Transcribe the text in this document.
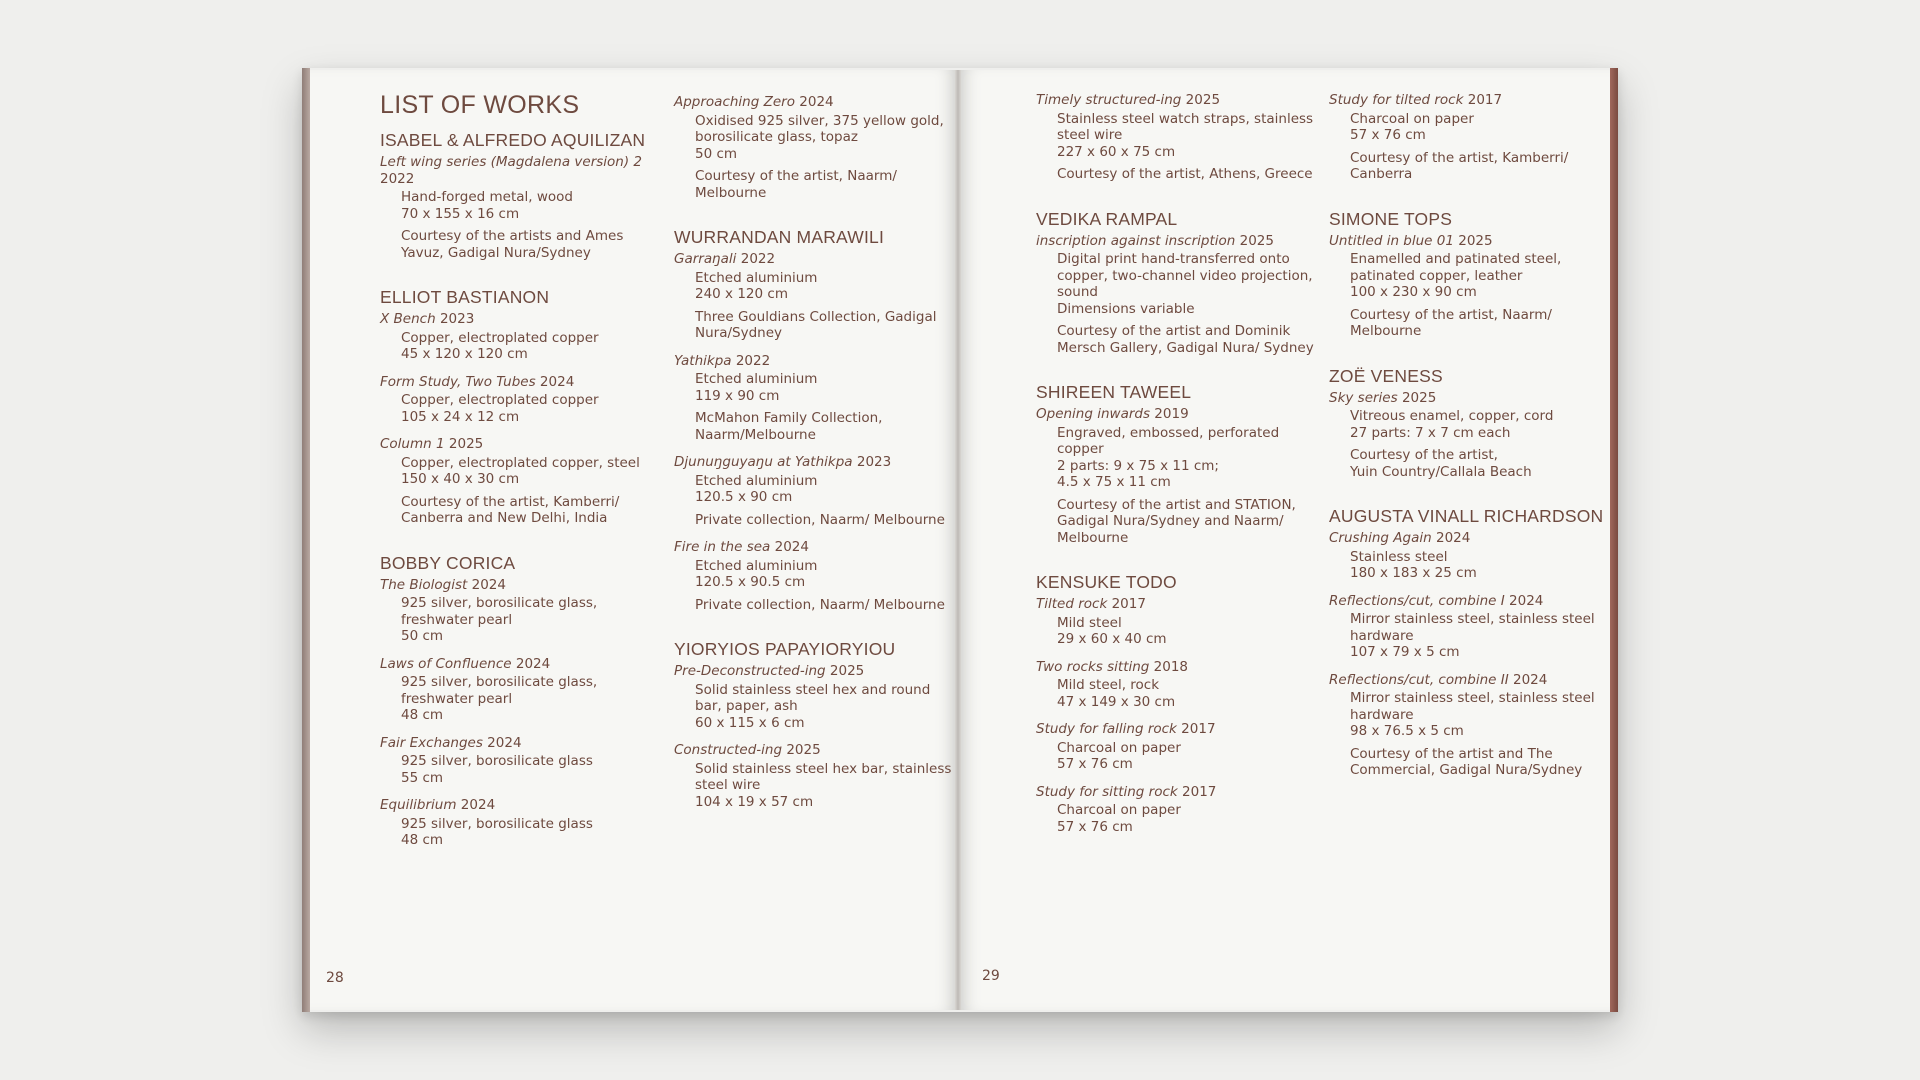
LIST OF WORKS
ISABEL & ALFREDO AQUILIZAN
Left wing series (Magdalena version) 2 2022
Hand-forged metal, wood
70 x 155 x 16 cm
Courtesy of the artists and Ames Yavuz, Gadigal Nura/Sydney
ELLIOT BASTIANON
X Bench 2023
Copper, electroplated copper
45 x 120 x 120 cm
Form Study, Two Tubes 2024
Copper, electroplated copper
105 x 24 x 12 cm
Column 1 2025
Copper, electroplated copper, steel
150 x 40 x 30 cm
Courtesy of the artist, Kamberri/ Canberra and New Delhi, India
BOBBY CORICA
The Biologist 2024
925 silver, borosilicate glass, freshwater pearl
50 cm
Laws of Confluence 2024
925 silver, borosilicate glass, freshwater pearl
48 cm
Fair Exchanges 2024
925 silver, borosilicate glass
55 cm
Equilibrium 2024
925 silver, borosilicate glass
48 cm
Approaching Zero 2024
Oxidised 925 silver, 375 yellow gold, borosilicate glass, topaz
50 cm
Courtesy of the artist, Naarm/ Melbourne
WURRANDAN MARAWILI
Garraŋali 2022
Etched aluminium
240 x 120 cm
Three Gouldians Collection, Gadigal Nura/Sydney
Yathikpa 2022
Etched aluminium
119 x 90 cm
McMahon Family Collection, Naarm/Melbourne
Djunuŋguyaŋu at Yathikpa 2023
Etched aluminium
120.5 x 90 cm
Private collection, Naarm/ Melbourne
Fire in the sea 2024
Etched aluminium
120.5 x 90.5 cm
Private collection, Naarm/ Melbourne
YIORYIOS PAPAYIORYIOU
Pre-Deconstructed-ing 2025
Solid stainless steel hex and round bar, paper, ash
60 x 115 x 6 cm
Constructed-ing 2025
Solid stainless steel hex bar, stainless steel wire
104 x 19 x 57 cm
28
Timely structured-ing 2025
Stainless steel watch straps, stainless steel wire
227 x 60 x 75 cm
Courtesy of the artist, Athens, Greece
VEDIKA RAMPAL
inscription against inscription 2025
Digital print hand-transferred onto copper, two-channel video projection, sound
Dimensions variable
Courtesy of the artist and Dominik Mersch Gallery, Gadigal Nura/ Sydney
SHIREEN TAWEEL
Opening inwards 2019
Engraved, embossed, perforated copper
2 parts: 9 x 75 x 11 cm;
4.5 x 75 x 11 cm
Courtesy of the artist and STATION, Gadigal Nura/Sydney and Naarm/ Melbourne
KENSUKE TODO
Tilted rock 2017
Mild steel
29 x 60 x 40 cm
Two rocks sitting 2018
Mild steel, rock
47 x 149 x 30 cm
Study for falling rock 2017
Charcoal on paper
57 x 76 cm
Study for sitting rock 2017
Charcoal on paper
57 x 76 cm
Study for tilted rock 2017
Charcoal on paper
57 x 76 cm
Courtesy of the artist, Kamberri/ Canberra
SIMONE TOPS
Untitled in blue 01 2025
Enamelled and patinated steel, patinated copper, leather
100 x 230 x 90 cm
Courtesy of the artist, Naarm/ Melbourne
ZOË VENESS
Sky series 2025
Vitreous enamel, copper, cord
27 parts: 7 x 7 cm each
Courtesy of the artist,
Yuin Country/Callala Beach
AUGUSTA VINALL RICHARDSON
Crushing Again 2024
Stainless steel
180 x 183 x 25 cm
Reflections/cut, combine I 2024
Mirror stainless steel, stainless steel hardware
107 x 79 x 5 cm
Reflections/cut, combine II 2024
Mirror stainless steel, stainless steel hardware
98 x 76.5 x 5 cm
Courtesy of the artist and The Commercial, Gadigal Nura/Sydney
29
